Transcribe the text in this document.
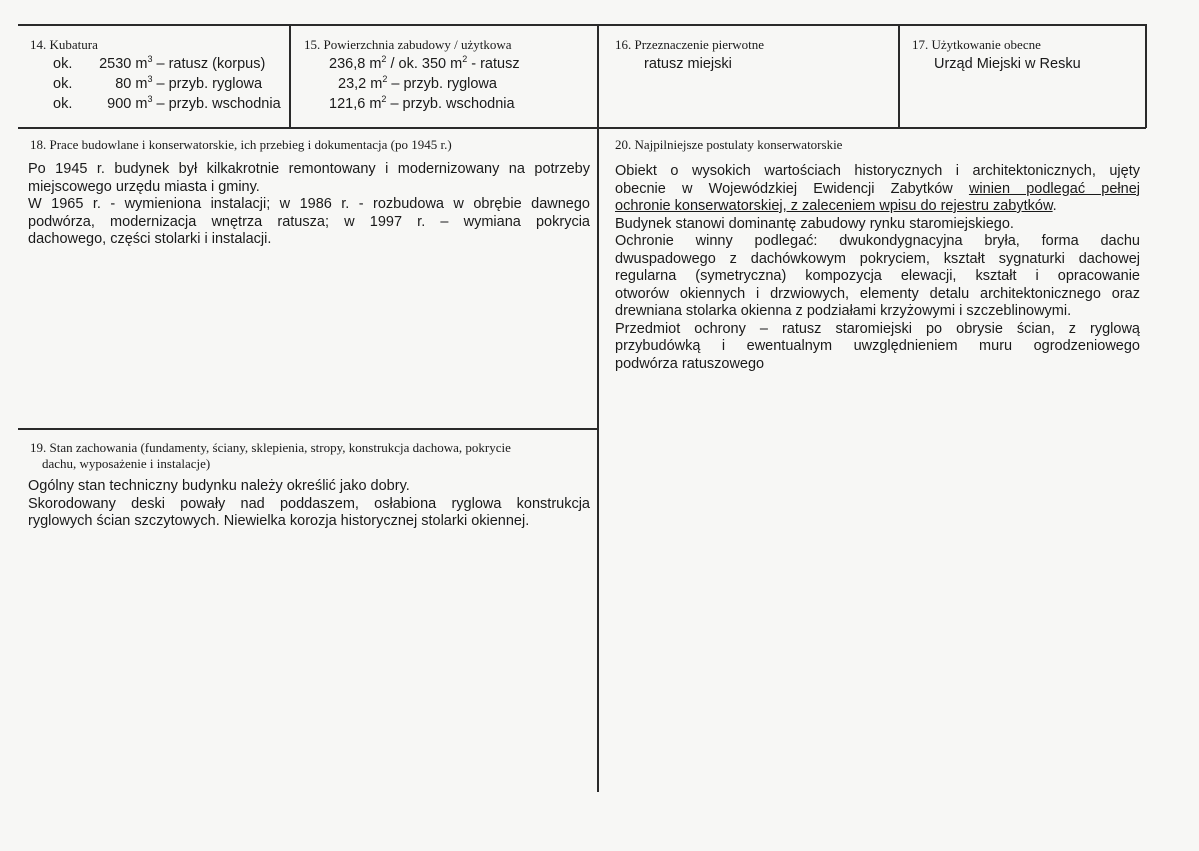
14. Kubatura
ok. 2530 $m^3$ – ratusz (korpus)
ok.	80 $m^3$ – przyb. ryglowa
ok. 900 $m^3$ – przyb. wschodnia
15. Powierzchnia zabudowy / użytkowa
236,8 $m^2$ / ok. 350 $m^2$ - ratusz
23,2 $m^2$ – przyb. ryglowa
121,6 $m^2$ – przyb. wschodnia
16. Przeznaczenie pierwotne
ratusz miejski
17. Użytkowanie obecne
Urząd Miejski w Resku
18. Prace budowlane i konserwatorskie, ich przebieg i dokumentacja (po 1945 r.)
Po 1945 r. budynek był kilkakrotnie remontowany i modernizowany na potrzeby
miejscowego urzędu miasta i gminy.
W 1965 r. - wymieniona instalacji; w 1986 r. - rozbudowa w obrębie dawnego
podwórza, modernizacja wnętrza ratusza; w 1997 r. – wymiana pokrycia
dachowego, części stolarki i instalacji.
19. Stan zachowania (fundamenty, ściany, sklepienia, stropy, konstrukcja dachowa, pokrycie
dachu, wyposażenie i instalacje)
Ogólny stan techniczny budynku należy określić jako dobry.
Skorodowany deski powały nad poddaszem, osłabiona ryglowa konstrukcja
ryglowych ścian szczytowych. Niewielka korozja historycznej stolarki okiennej.
20. Najpilniejsze postulaty konserwatorskie
Obiekt o wysokich wartościach historycznych i architektonicznych, ujęty
obecnie w Wojewódzkiej Ewidencji Zabytków winien podlegać pełnej
ochronie konserwatorskiej, z zaleceniem wpisu do rejestru zabytków.
Budynek stanowi dominantę zabudowy rynku staromiejskiego.
Ochronie winny podlegać: dwukondygnacyjna bryła, forma dachu
dwuspadowego z dachówkowym pokryciem, kształt sygnaturki dachowej
regularna (symetryczna) kompozycja elewacji, kształt i opracowanie
otworów okiennych i drzwiowych, elementy detalu architektonicznego oraz
drewniana stolarka okienna z podziałami krzyżowymi i szczeblinowymi.
Przedmiot ochrony – ratusz staromiejski po obrysie ścian, z ryglową
przybudówką i ewentualnym uwzględnieniem muru ogrodzeniowego
podwórza ratuszowego
